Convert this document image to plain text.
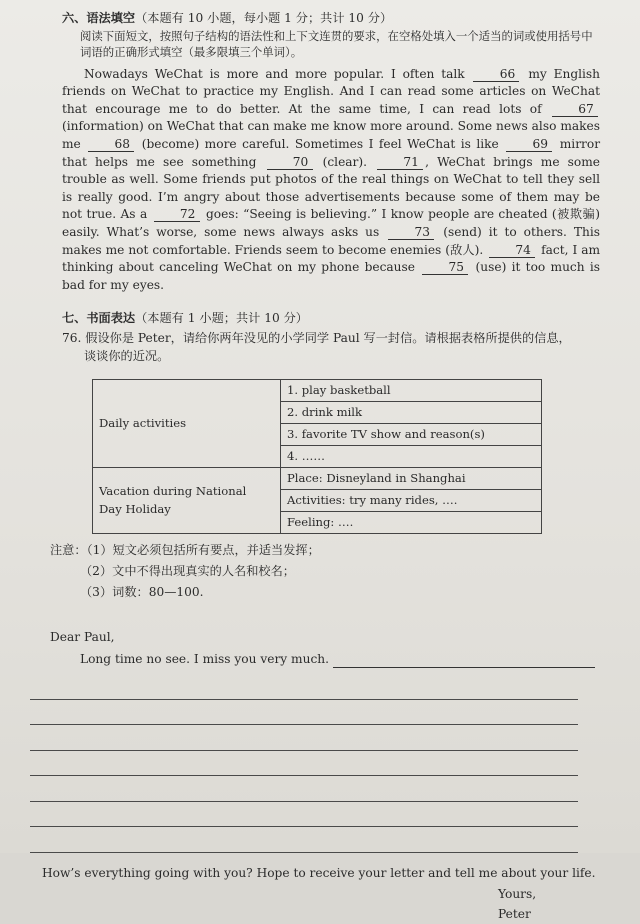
六、语法填空（本题有 10 小题，每小题 1 分；共计 10 分）

阅读下面短文，按照句子结构的语法性和上下文连贯的要求，在空格处填入一个适当的词或使用括号中词语的正确形式填空（最多限填三个单词）。

Nowadays WeChat is more and more popular. I often talk	66 my English friends on WeChat to practice my English. And I can read some articles on WeChat that encourage me to do better. At the same time, I can read lots of	67 (information) on WeChat that can make me know more around. Some news also makes me	68 (become) more careful. Sometimes I feel WeChat is like	69 mirror that helps me see something	70 (clear).	71 , WeChat brings me some trouble as well. Some friends put photos of the real things on WeChat to tell they sell is really good. I’m angry about those advertisements because some of them may be not true. As a	72 goes: “Seeing is believing.” I know people are cheated (被欺骗) easily. What’s worse, some news always asks us	73 (send) it to others. This makes me not comfortable. Friends seem to become enemies (敌人).	74 fact, I am thinking about canceling WeChat on my phone because	75 (use) it too much is bad for my eyes.

七、书面表达（本题有 1 小题；共计 10 分）

76. 假设你是 Peter，请给你两年没见的小学同学 Paul 写一封信。请根据表格所提供的信息，
谈谈你的近况。

Daily activities	1. play basketball
	2. drink milk
	3. favorite TV show and reason(s)
	4. ……
Vacation during National
Day Holiday	Place: Disneyland in Shanghai
	Activities: try many rides, ….
	Feeling: ….
注意：（1）短文必须包括所有要点，并适当发挥；
（2）文中不得出现真实的人名和校名；
（3）词数：80—100.

Dear Paul,

Long time no see. I miss you very much.

How’s everything going with you? Hope to receive your letter and tell me about your life.

Yours,
Peter
